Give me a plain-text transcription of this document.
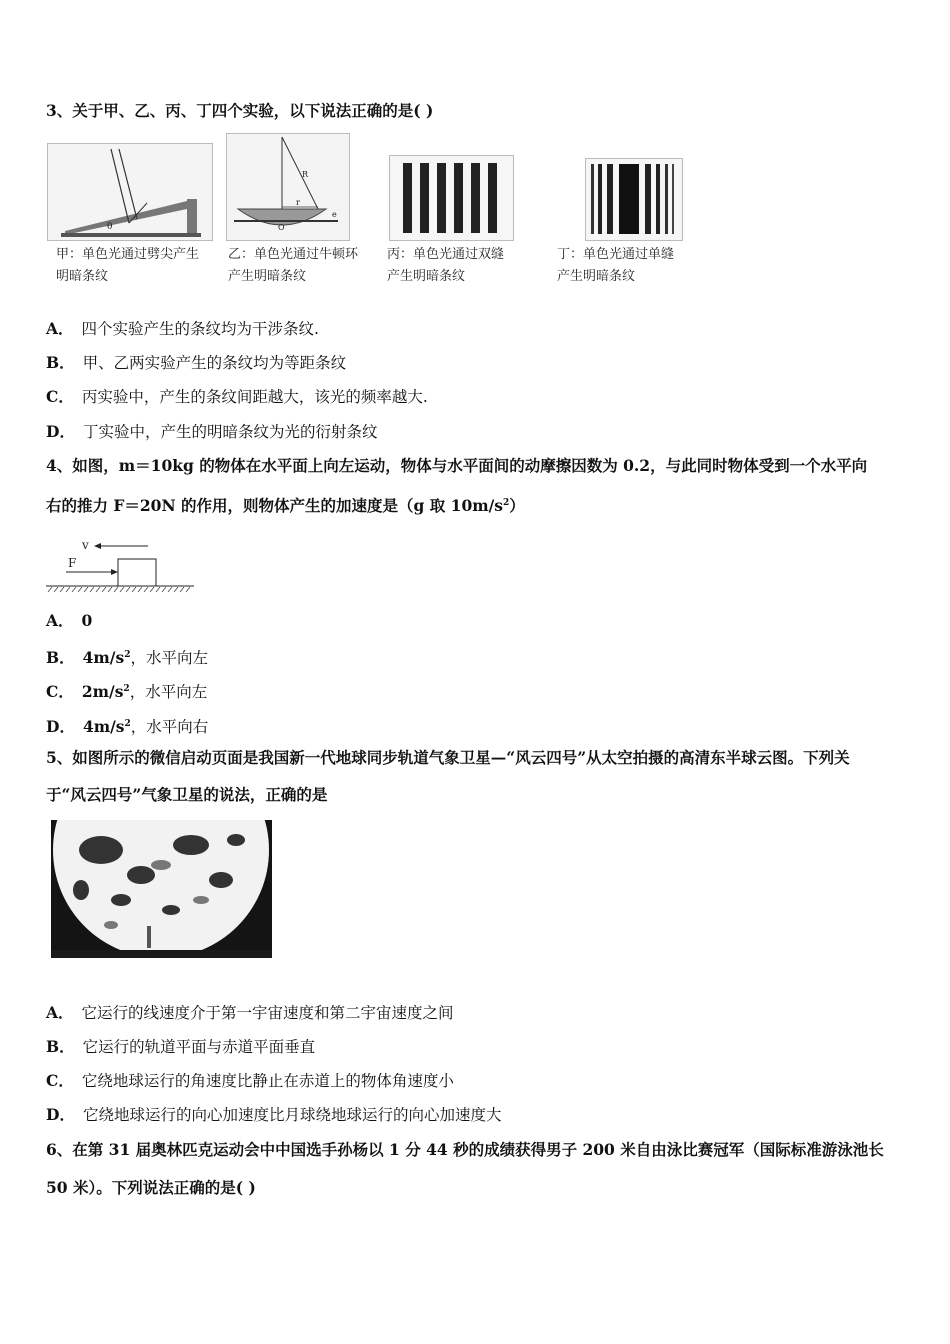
3、关于甲、乙、丙、丁四个实验，以下说法正确的是( )
θ
R
r
e
O
甲：单色光通过劈尖产生
明暗条纹
乙：单色光通过牛顿环
产生明暗条纹
丙：单色光通过双缝
产生明暗条纹
丁：单色光通过单缝
产生明暗条纹
A． 四个实验产生的条纹均为干涉条纹.
B． 甲、乙两实验产生的条纹均为等距条纹
C． 丙实验中，产生的条纹间距越大，该光的频率越大.
D． 丁实验中，产生的明暗条纹为光的衍射条纹
4、如图，m＝10kg 的物体在水平面上向左运动，物体与水平面间的动摩擦因数为 0.2，与此同时物体受到一个水平向
右的推力 F＝20N 的作用，则物体产生的加速度是（g 取 $10m/s^2$）
v
F
A． 0
B． $4m/s^2$，水平向左
C． $2m/s^2$，水平向左
D． $4m/s^2$，水平向右
5、如图所示的微信启动页面是我国新一代地球同步轨道气象卫星—“风云四号”从太空拍摄的高清东半球云图。下列关
于“风云四号”气象卫星的说法，正确的是
A． 它运行的线速度介于第一宇宙速度和第二宇宙速度之间
B． 它运行的轨道平面与赤道平面垂直
C． 它绕地球运行的角速度比静止在赤道上的物体角速度小
D． 它绕地球运行的向心加速度比月球绕地球运行的向心加速度大
6、在第 31 届奥林匹克运动会中中国选手孙杨以 1 分 44 秒的成绩获得男子 200 米自由泳比赛冠军（国际标准游泳池长
50 米）。下列说法正确的是( )
